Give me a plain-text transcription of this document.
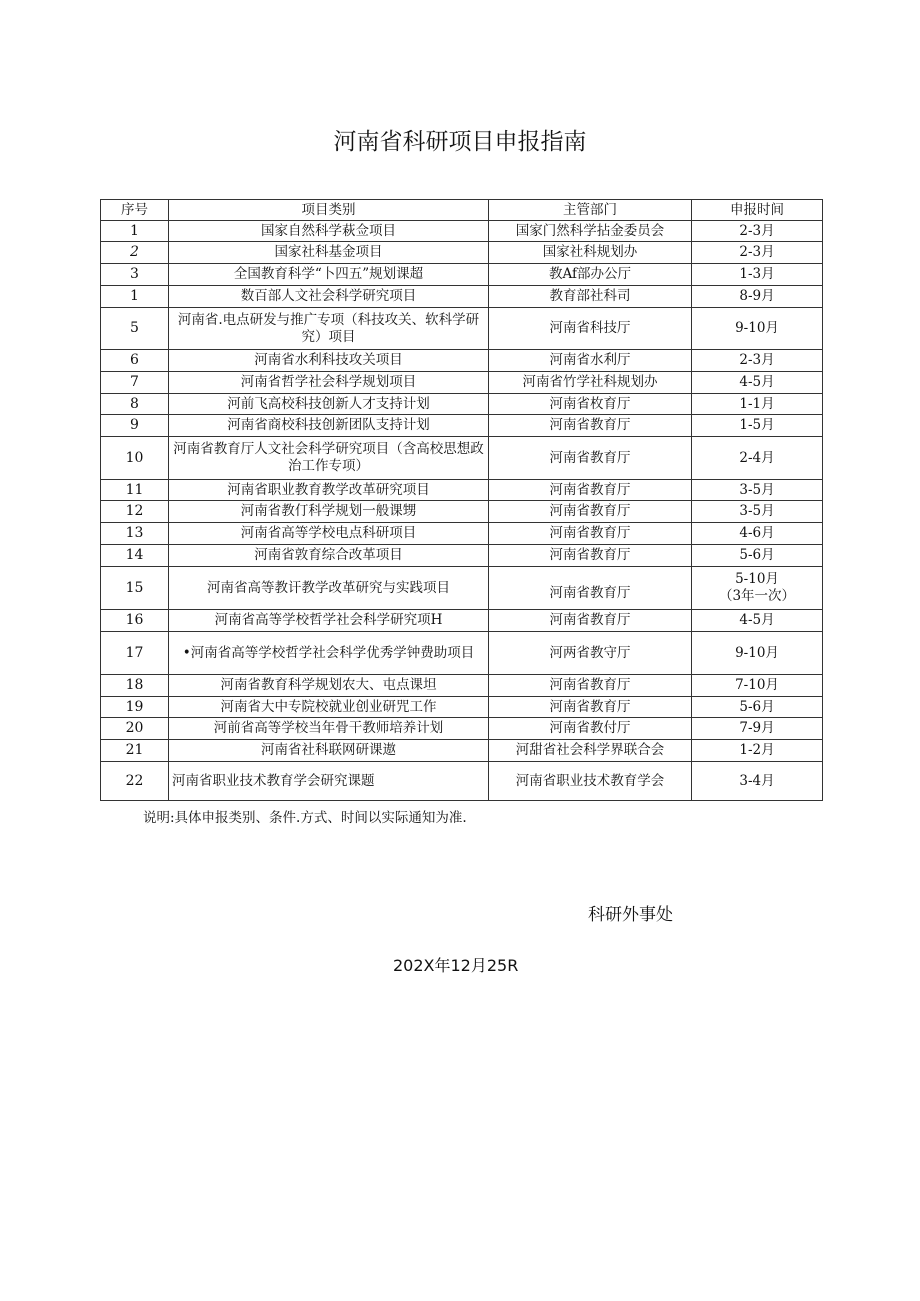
河南省科研项目申报指南
序号	项目类别	主管部门	申报时间
1	国家自然科学萩佥项目	国家门然科学拈金委员会	2-3月
2	国家社科基金项目	国家社科规划办	2-3月
3	全国教育科学“卜四五”规划课超	教Af部办公厅	1-3月
1	数百部人文社会科学研究项目	教育部社科司	8-9月
5	河南省.电点研发与推广专项（科技攻关、软科学研究）项目	河南省科技厅	9-10月
6	河南省水利科技攻关项目	河南省水利厅	2-3月
7	河南省哲学社会科学规划项目	河南省竹学社科规划办	4-5月
8	河前飞高校科技创新人才支持计划	河南省枚育厅	1-1月
9	河南省商校科技创新团队支持计划	河南省教育厅	1-5月
10	河南省教育厅人文社会科学研究项目（含高校思想政治工作专项）	河南省教育厅	2-4月
11	河南省职业教育教学改革研究项目	河南省教育厅	3-5月
12	河南省教仃科学规划一般课甥	河南省教育厅	3-5月
13	河南省高等学校电点科研项目	河南省教育厅	4-6月
14	河南省敦育综合改革项目	河南省教育厅	5-6月
15	河南省高等教讦教学改革研究与实践项目	河南省教育厅	5-10月
（3年一次）

16	河南省高等学校哲学社会科学研究项H	河南省教育厅	4-5月
17	•河南省高等学校哲学社会科学优秀学钟费助项目	河两省教守厅	9-10月
18	河南省教育科学规划农大、屯点课坦	河南省教育厅	7-10月
19	河南省大中专院校就业创业研咒工作	河南省教育厅	5-6月
20	河前省高等学校当年骨干教师培养计划	河南省教付厅	7-9月
21	河南省社科联网研课遨	河甜省社会科学界联合会	1-2月
22	河南省职业技术教育学会研究课题	河南省职业技术教育学会	3-4月
说明:具体申报类别、条件.方式、时间以实际通知为准.
科研外事处
202X年12月25R
